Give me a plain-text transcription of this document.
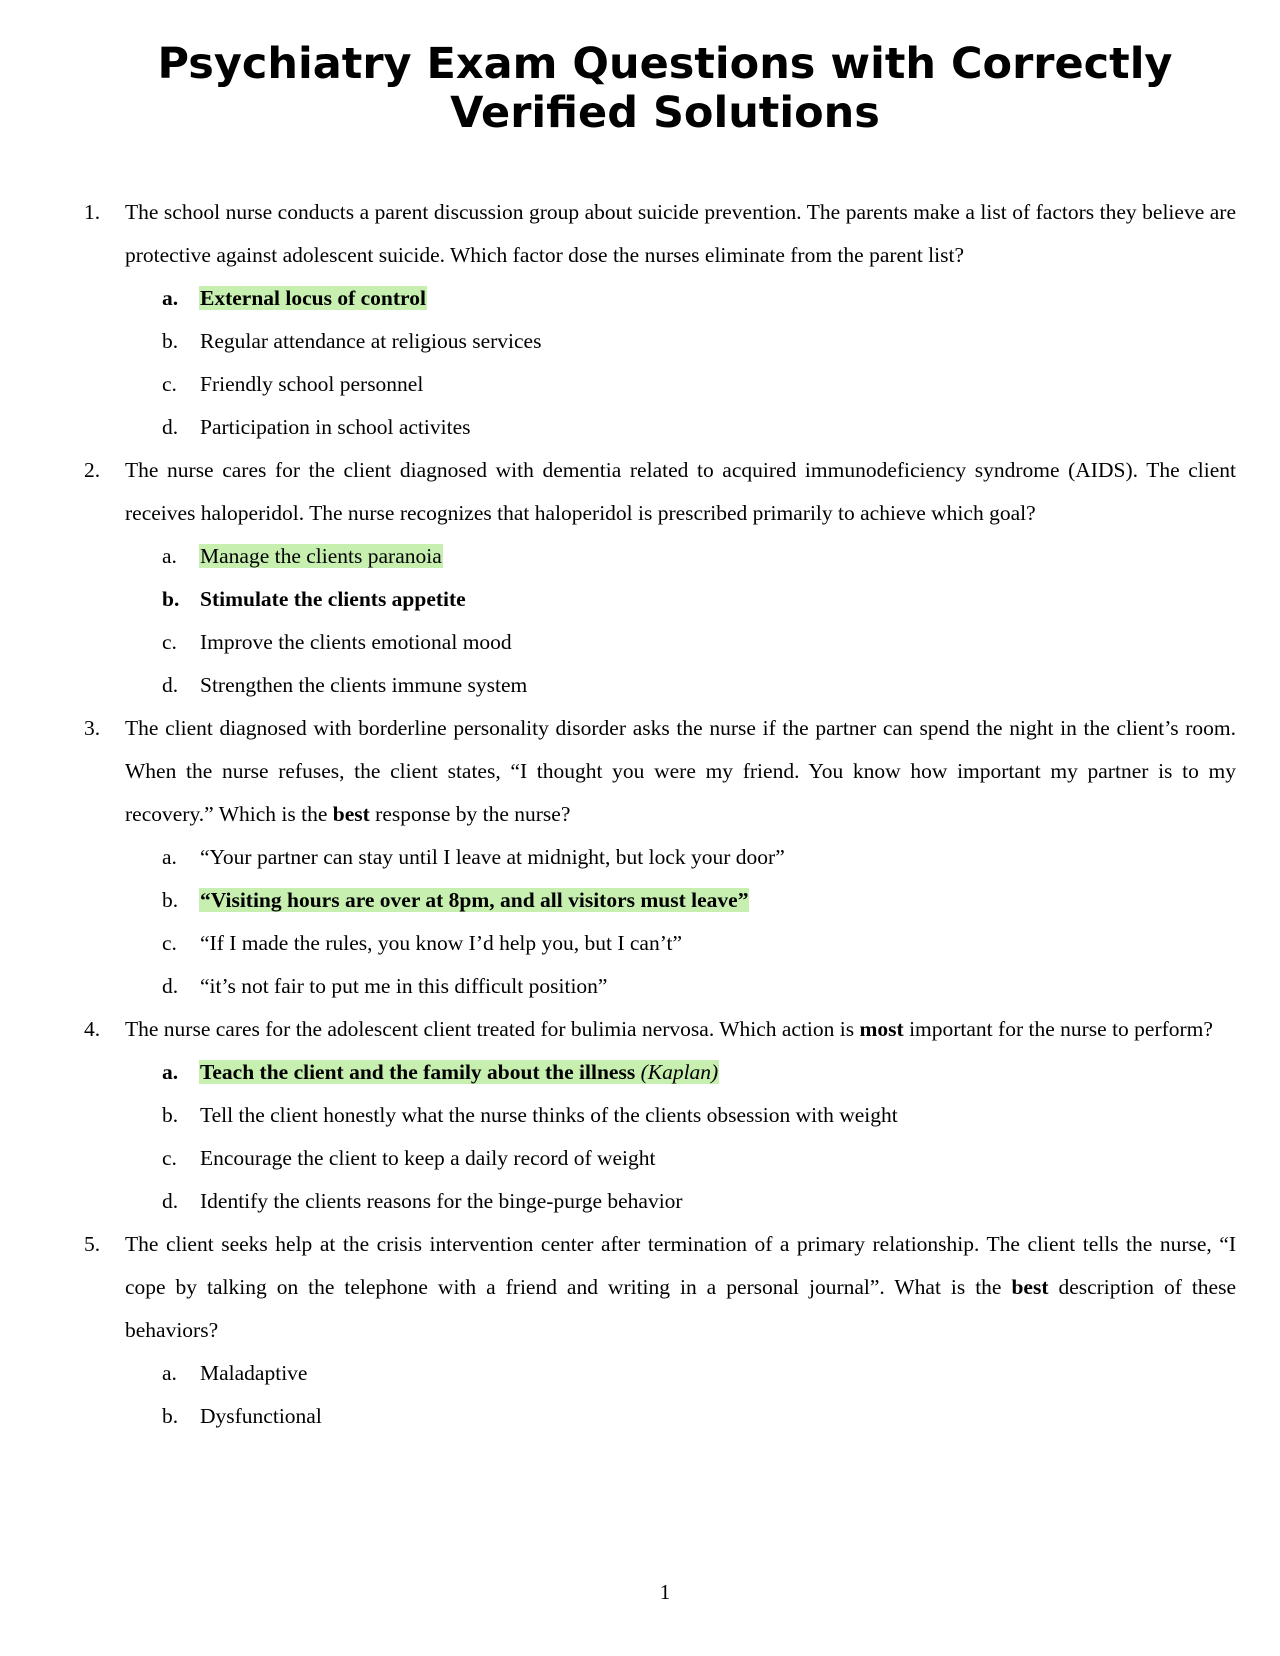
Psychiatry Exam Questions with Correctly
Verified Solutions
1. The school nurse conducts a parent discussion group about suicide prevention. The parents make a list of factors they believe are protective against adolescent suicide. Which factor dose the nurses eliminate from the parent list?
a. External locus of control
b. Regular attendance at religious services
c. Friendly school personnel
d. Participation in school activites
2. The nurse cares for the client diagnosed with dementia related to acquired immunodeficiency syndrome (AIDS). The client receives haloperidol. The nurse recognizes that haloperidol is prescribed primarily to achieve which goal?
a. Manage the clients paranoia
b. Stimulate the clients appetite
c. Improve the clients emotional mood
d. Strengthen the clients immune system
3. The client diagnosed with borderline personality disorder asks the nurse if the partner can spend the night in the client’s room. When the nurse refuses, the client states, “I thought you were my friend. You know how important my partner is to my recovery.” Which is the best response by the nurse?
a. “Your partner can stay until I leave at midnight, but lock your door”
b. “Visiting hours are over at 8pm, and all visitors must leave”
c. “If I made the rules, you know I’d help you, but I can’t”
d. “it’s not fair to put me in this difficult position”
4. The nurse cares for the adolescent client treated for bulimia nervosa. Which action is most important for the nurse to perform?
a. Teach the client and the family about the illness (Kaplan)
b. Tell the client honestly what the nurse thinks of the clients obsession with weight
c. Encourage the client to keep a daily record of weight
d. Identify the clients reasons for the binge-purge behavior
5. The client seeks help at the crisis intervention center after termination of a primary relationship. The client tells the nurse, “I cope by talking on the telephone with a friend and writing in a personal journal”. What is the best description of these behaviors?
a. Maladaptive
b. Dysfunctional
1
